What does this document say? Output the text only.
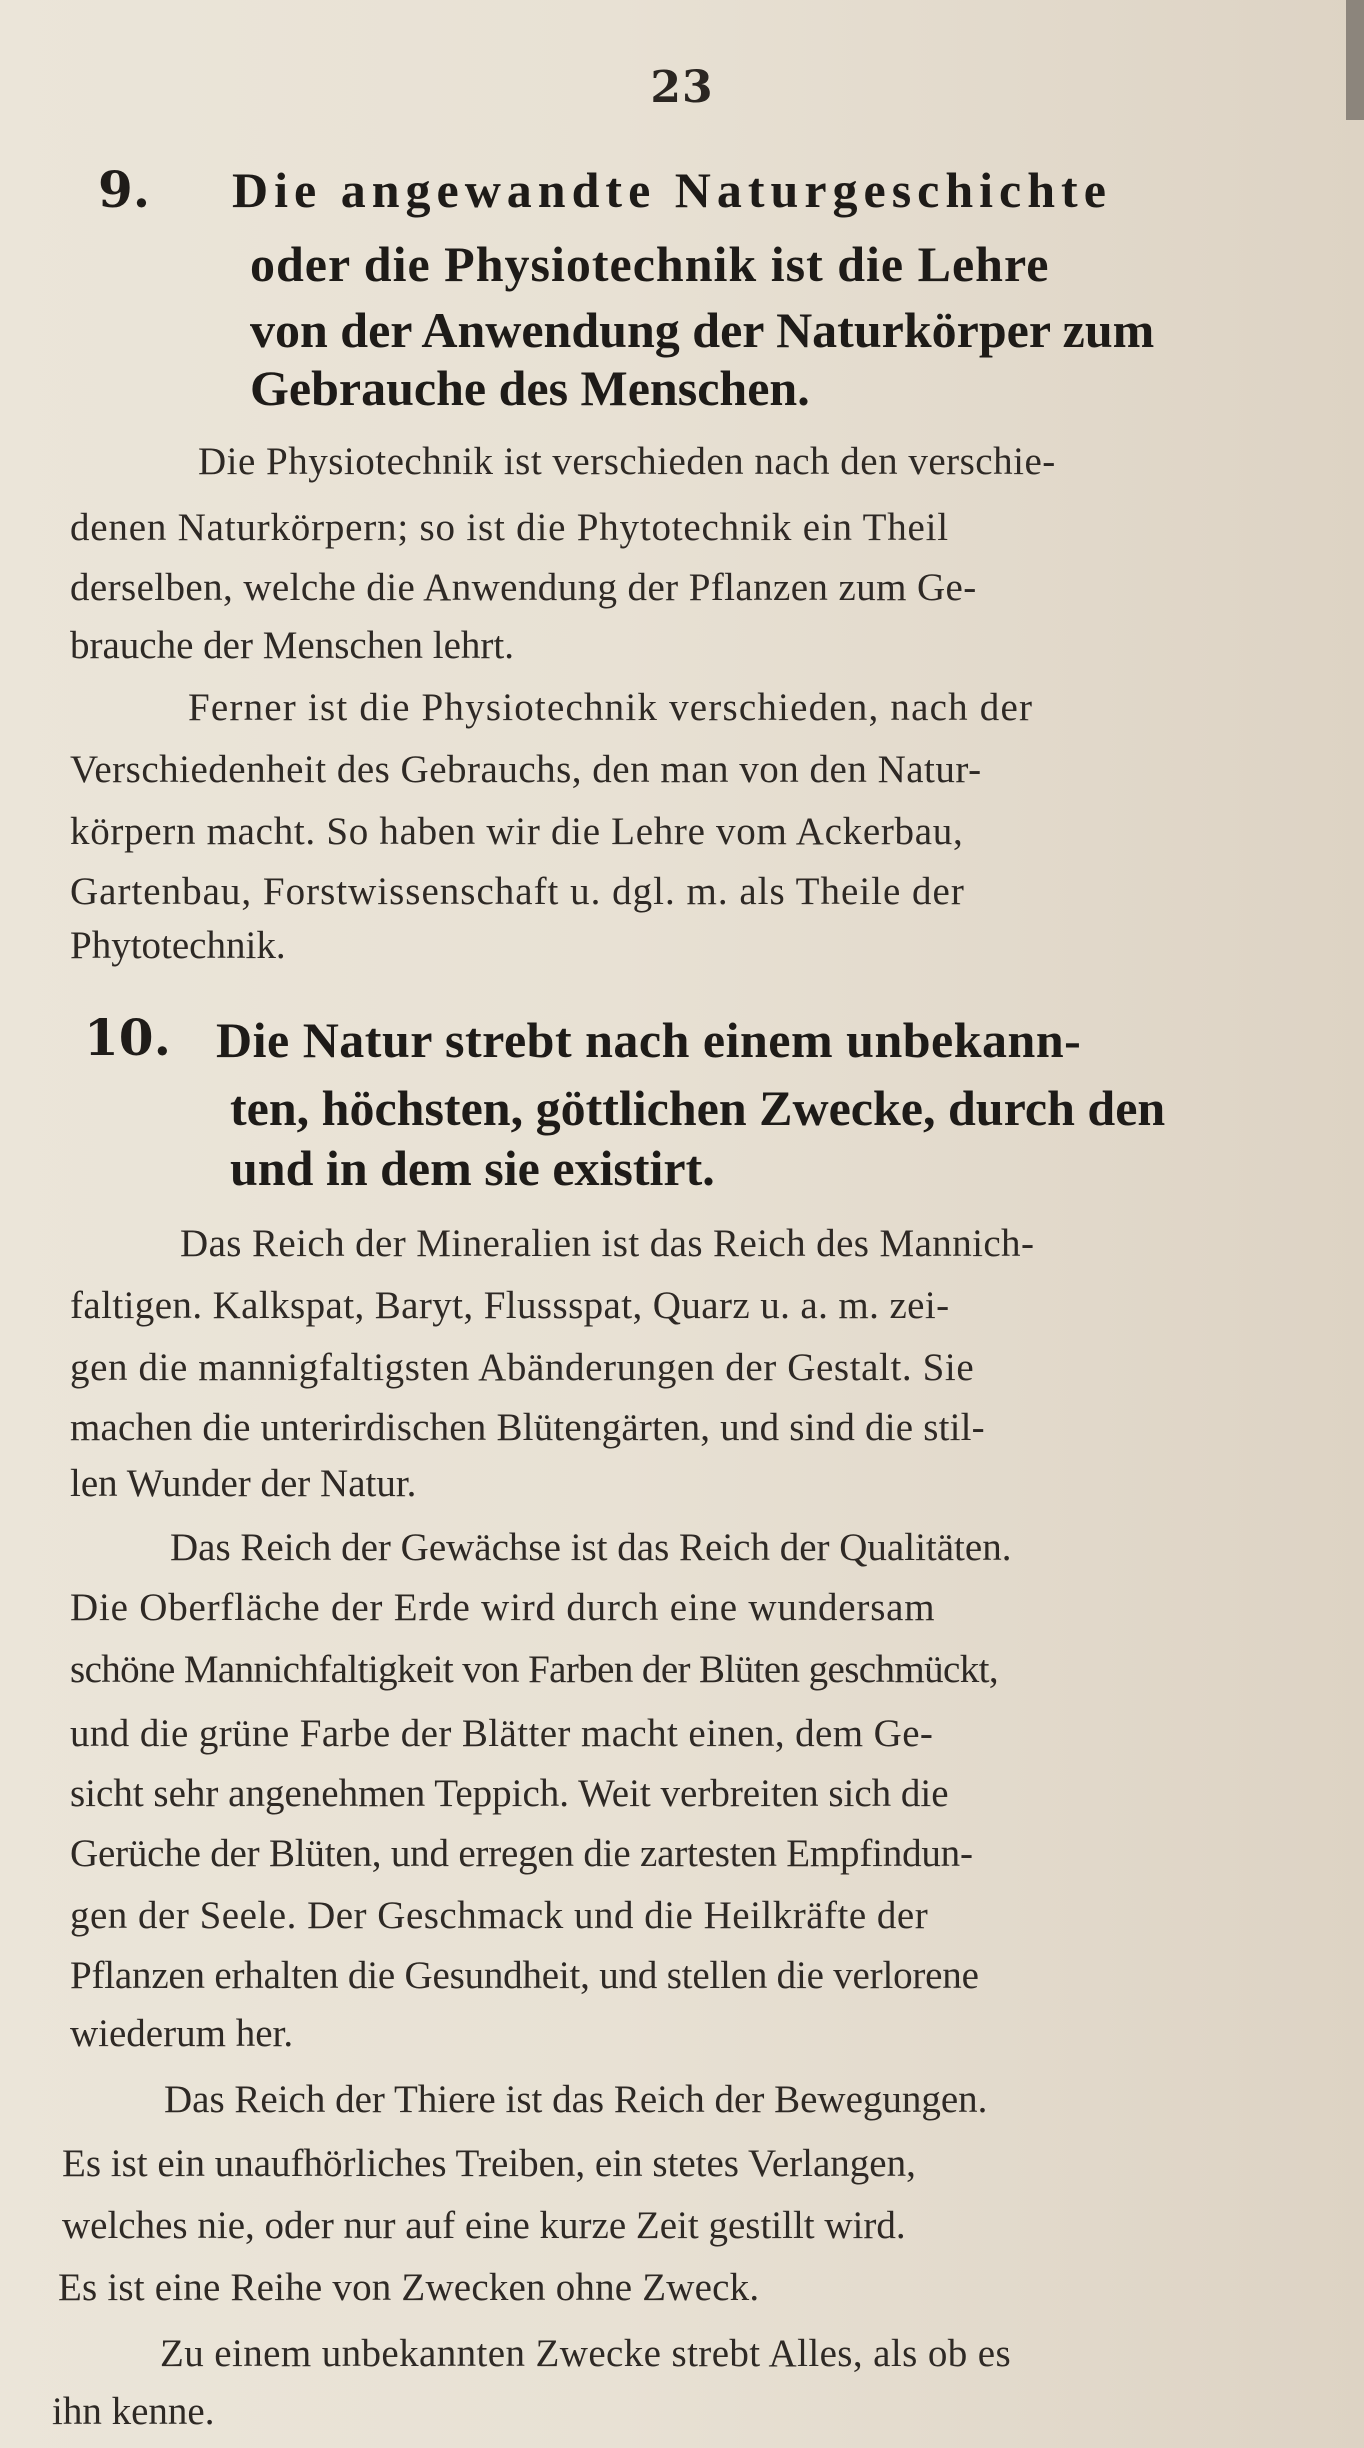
23
9. Die angewandte Naturgeschichte
oder die Physiotechnik ist die Lehre
von der Anwendung der Naturkörper zum
Gebrauche des Menschen.
Die Physiotechnik ist verschieden nach den verschie-
denen Naturkörpern; so ist die Phytotechnik ein Theil
derselben, welche die Anwendung der Pflanzen zum Ge-
brauche der Menschen lehrt.
Ferner ist die Physiotechnik verschieden, nach der
Verschiedenheit des Gebrauchs, den man von den Natur-
körpern macht. So haben wir die Lehre vom Ackerbau,
Gartenbau, Forstwissenschaft u. dgl. m. als Theile der
Phytotechnik.
10. Die Natur strebt nach einem unbekann-
ten, höchsten, göttlichen Zwecke, durch den
und in dem sie existirt.
Das Reich der Mineralien ist das Reich des Mannich-
faltigen. Kalkspat, Baryt, Flussspat, Quarz u. a. m. zei-
gen die mannigfaltigsten Abänderungen der Gestalt. Sie
machen die unterirdischen Blütengärten, und sind die stil-
len Wunder der Natur.
Das Reich der Gewächse ist das Reich der Qualitäten.
Die Oberfläche der Erde wird durch eine wundersam
schöne Mannichfaltigkeit von Farben der Blüten geschmückt,
und die grüne Farbe der Blätter macht einen, dem Ge-
sicht sehr angenehmen Teppich. Weit verbreiten sich die
Gerüche der Blüten, und erregen die zartesten Empfindun-
gen der Seele. Der Geschmack und die Heilkräfte der
Pflanzen erhalten die Gesundheit, und stellen die verlorene
wiederum her.
Das Reich der Thiere ist das Reich der Bewegungen.
Es ist ein unaufhörliches Treiben, ein stetes Verlangen,
welches nie, oder nur auf eine kurze Zeit gestillt wird.
Es ist eine Reihe von Zwecken ohne Zweck.
Zu einem unbekannten Zwecke strebt Alles, als ob es
ihn kenne.
